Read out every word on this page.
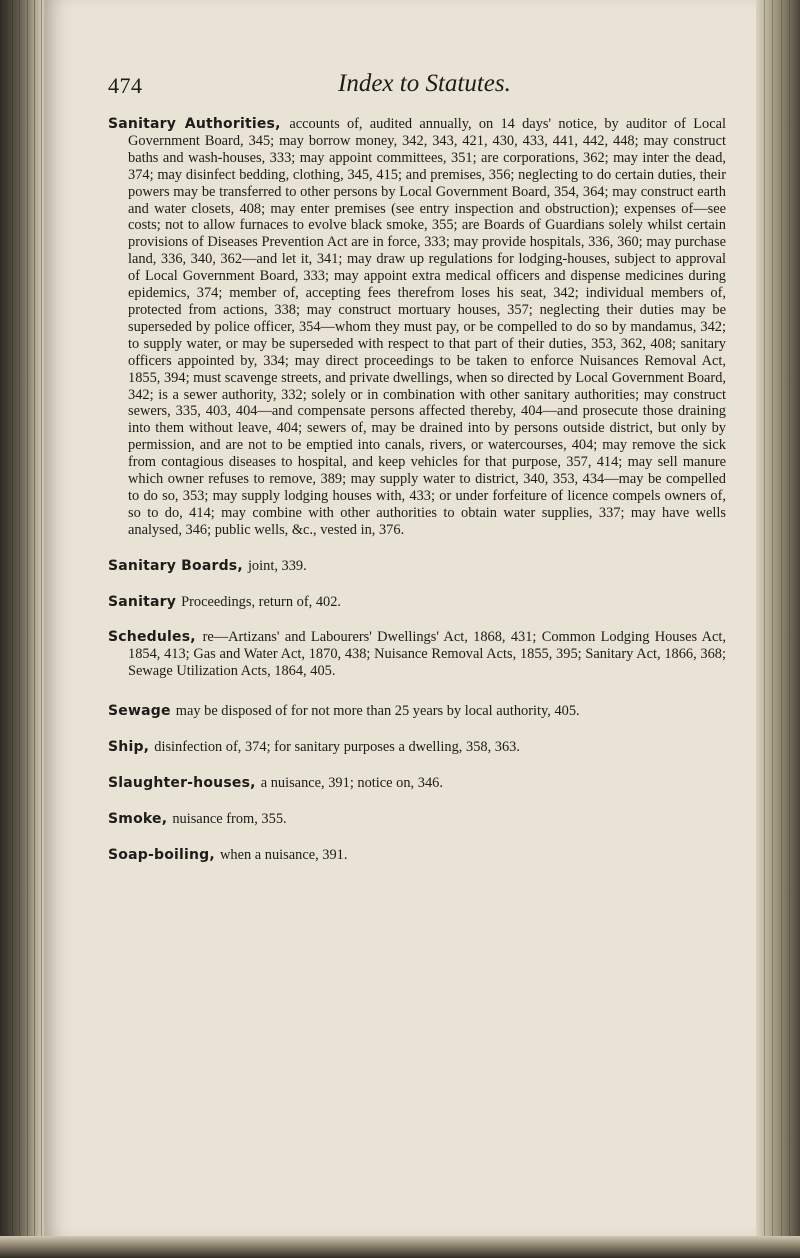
474	Index to Statutes.

Sanitary Authorities, accounts of, audited annually, on 14 days' notice, by auditor of Local Government Board, 345; may borrow money, 342, 343, 421, 430, 433, 441, 442, 448; may construct baths and wash-houses, 333; may appoint committees, 351; are corporations, 362; may inter the dead, 374; may disinfect bedding, clothing, 345, 415; and premises, 356; neglecting to do certain duties, their powers may be transferred to other persons by Local Government Board, 354, 364; may construct earth and water closets, 408; may enter premises (see entry inspection and obstruction); expenses of—see costs; not to allow furnaces to evolve black smoke, 355; are Boards of Guardians solely whilst certain provisions of Diseases Prevention Act are in force, 333; may provide hospitals, 336, 360; may purchase land, 336, 340, 362—and let it, 341; may draw up regulations for lodging-houses, subject to approval of Local Government Board, 333; may appoint extra medical officers and dispense medicines during epidemics, 374; member of, accepting fees therefrom loses his seat, 342; individual members of, protected from actions, 338; may construct mortuary houses, 357; neglecting their duties may be superseded by police officer, 354—whom they must pay, or be compelled to do so by mandamus, 342; to supply water, or may be superseded with respect to that part of their duties, 353, 362, 408; sanitary officers appointed by, 334; may direct proceedings to be taken to enforce Nuisances Removal Act, 1855, 394; must scavenge streets, and private dwellings, when so directed by Local Government Board, 342; is a sewer authority, 332; solely or in combination with other sanitary authorities; may construct sewers, 335, 403, 404—and compensate persons affected thereby, 404—and prosecute those draining into them without leave, 404; sewers of, may be drained into by persons outside district, but only by permission, and are not to be emptied into canals, rivers, or watercourses, 404; may remove the sick from contagious diseases to hospital, and keep vehicles for that purpose, 357, 414; may sell manure which owner refuses to remove, 389; may supply water to district, 340, 353, 434—may be compelled to do so, 353; may supply lodging houses with, 433; or under forfeiture of licence compels owners of, so to do, 414; may combine with other authorities to obtain water supplies, 337; may have wells analysed, 346; public wells, &c., vested in, 376.

Sanitary Boards, joint, 339.

Sanitary Proceedings, return of, 402.

Schedules, re—Artizans' and Labourers' Dwellings' Act, 1868, 431; Common Lodging Houses Act, 1854, 413; Gas and Water Act, 1870, 438; Nuisance Removal Acts, 1855, 395; Sanitary Act, 1866, 368; Sewage Utilization Acts, 1864, 405.

Sewage may be disposed of for not more than 25 years by local authority, 405.

Ship, disinfection of, 374; for sanitary purposes a dwelling, 358, 363.

Slaughter-houses, a nuisance, 391; notice on, 346.

Smoke, nuisance from, 355.

Soap-boiling, when a nuisance, 391.
